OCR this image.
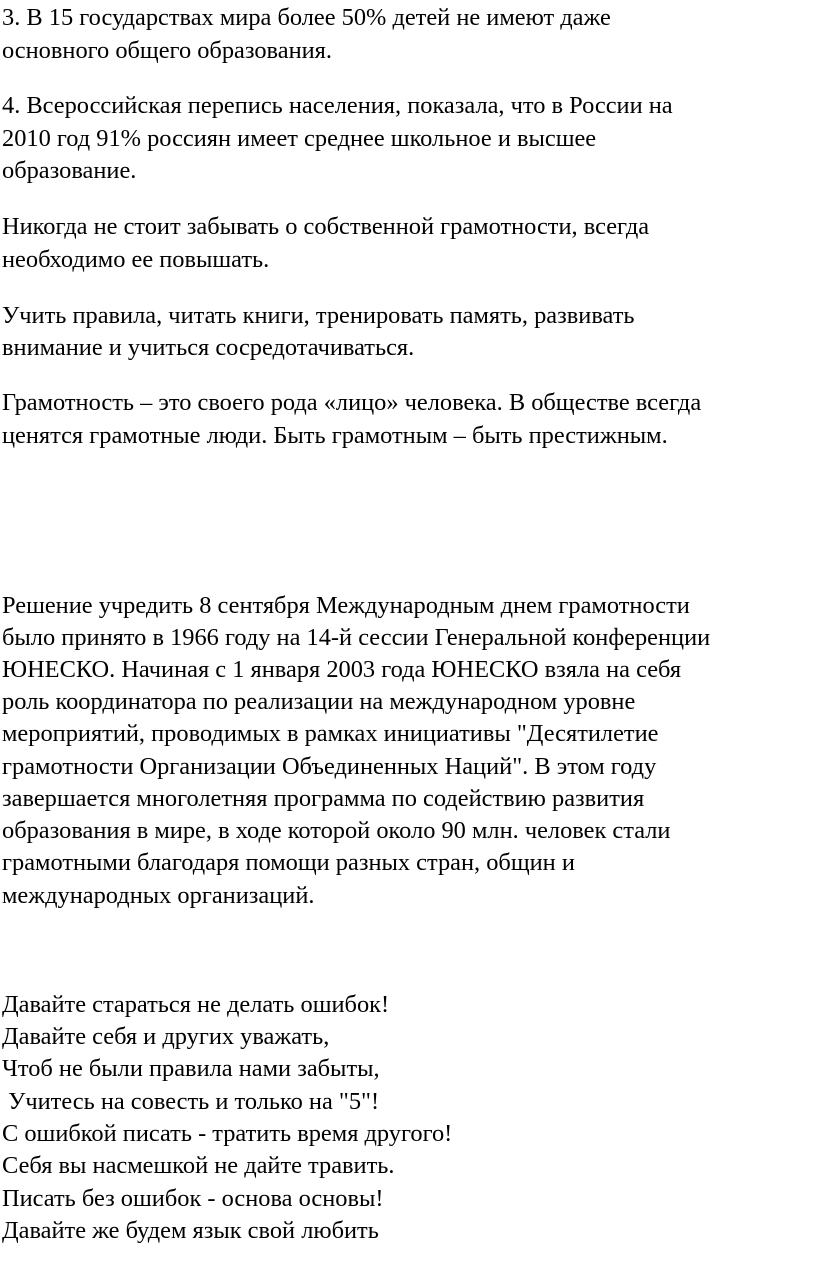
3. В 15 государствах мира более 50% детей не имеют даже

основного общего образования.

4. Всероссийская перепись населения, показала, что в России на

2010 год 91% россиян имеет среднее школьное и высшее

образование.

Никогда не стоит забывать о собственной грамотности, всегда

необходимо ее повышать.

Учить правила, читать книги, тренировать память, развивать

внимание и учиться сосредотачиваться.

Грамотность – это своего рода «лицо» человека. В обществе всегда

ценятся грамотные люди. Быть грамотным – быть престижным.

Решение учредить 8 сентября Международным днем грамотности

было принято в 1966 году на 14-й сессии Генеральной конференции

ЮНЕСКО. Начиная с 1 января 2003 года ЮНЕСКО взяла на себя

роль координатора по реализации на международном уровне

мероприятий, проводимых в рамках инициативы "Десятилетие

грамотности Организации Объединенных Наций". В этом году

завершается многолетняя программа по содействию развития

образования в мире, в ходе которой около 90 млн. человек стали

грамотными благодаря помощи разных стран, общин и

международных организаций.

Давайте стараться не делать ошибок!

Давайте себя и других уважать,

Чтоб не были правила нами забыты,

Учитесь на совесть и только на "5"!

С ошибкой писать - тратить время другого!

Себя вы насмешкой не дайте травить.

Писать без ошибок - основа основы!

Давайте же будем язык свой любить
